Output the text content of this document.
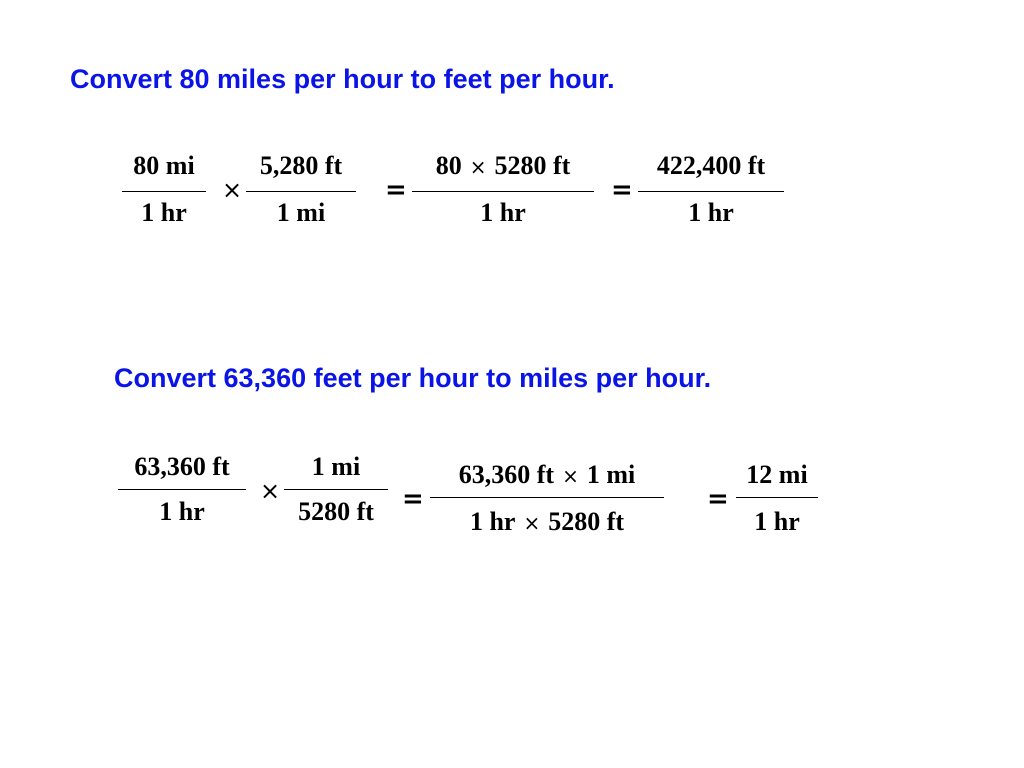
Convert 80 miles per hour to feet per hour.
80 mi
1 hr
×
5,280 ft
1 mi
=
80 × 5280 ft
1 hr
=
422,400 ft
1 hr
Convert 63,360 feet per hour to miles per hour.
63,360 ft
1 hr
×
1 mi
5280 ft	=
63,360 ft × 1 mi
1 hr × 5280 ft
=
12 mi
1 hr
